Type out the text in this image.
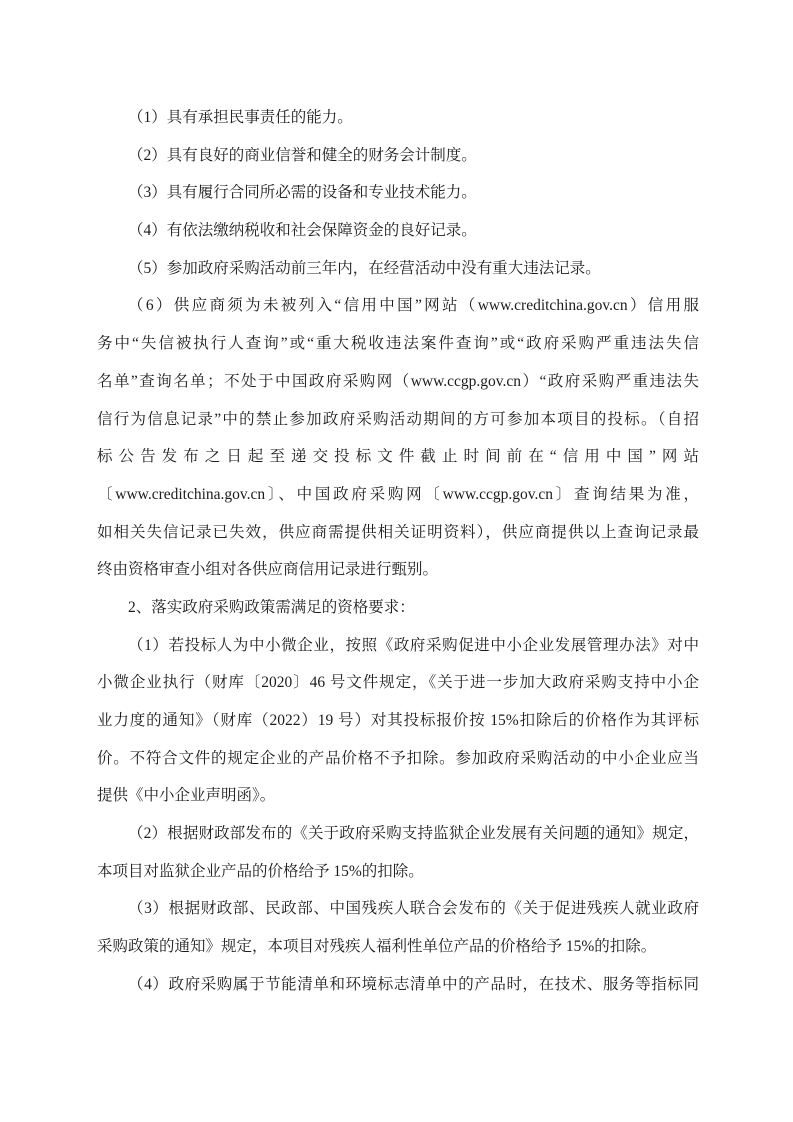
（1）具有承担民事责任的能力。
（2）具有良好的商业信誉和健全的财务会计制度。
（3）具有履行合同所必需的设备和专业技术能力。
（4）有依法缴纳税收和社会保障资金的良好记录。
（5）参加政府采购活动前三年内，在经营活动中没有重大违法记录。
（6）供应商须为未被列入“信用中国”网站（www.creditchina.gov.cn）信用服
务中“失信被执行人查询”或“重大税收违法案件查询”或“政府采购严重违法失信
名单”查询名单；不处于中国政府采购网（www.ccgp.gov.cn）“政府采购严重违法失
信行为信息记录”中的禁止参加政府采购活动期间的方可参加本项目的投标。（自招
标公告发布之日起至递交投标文件截止时间前在“信用中国”网站
〔www.creditchina.gov.cn〕、中国政府采购网〔www.ccgp.gov.cn〕查询结果为准，
如相关失信记录已失效，供应商需提供相关证明资料），供应商提供以上查询记录最
终由资格审查小组对各供应商信用记录进行甄别。
2、落实政府采购政策需满足的资格要求：
（1）若投标人为中小微企业，按照《政府采购促进中小企业发展管理办法》对中
小微企业执行（财库〔2020〕46 号文件规定，《关于进一步加大政府采购支持中小企
业力度的通知》（财库（2022）19 号）对其投标报价按 15%扣除后的价格作为其评标
价。不符合文件的规定企业的产品价格不予扣除。参加政府采购活动的中小企业应当
提供《中小企业声明函》。
（2）根据财政部发布的《关于政府采购支持监狱企业发展有关问题的通知》规定，
本项目对监狱企业产品的价格给予 15%的扣除。
（3）根据财政部、民政部、中国残疾人联合会发布的《关于促进残疾人就业政府
采购政策的通知》规定，本项目对残疾人福利性单位产品的价格给予 15%的扣除。
（4）政府采购属于节能清单和环境标志清单中的产品时，在技术、服务等指标同
